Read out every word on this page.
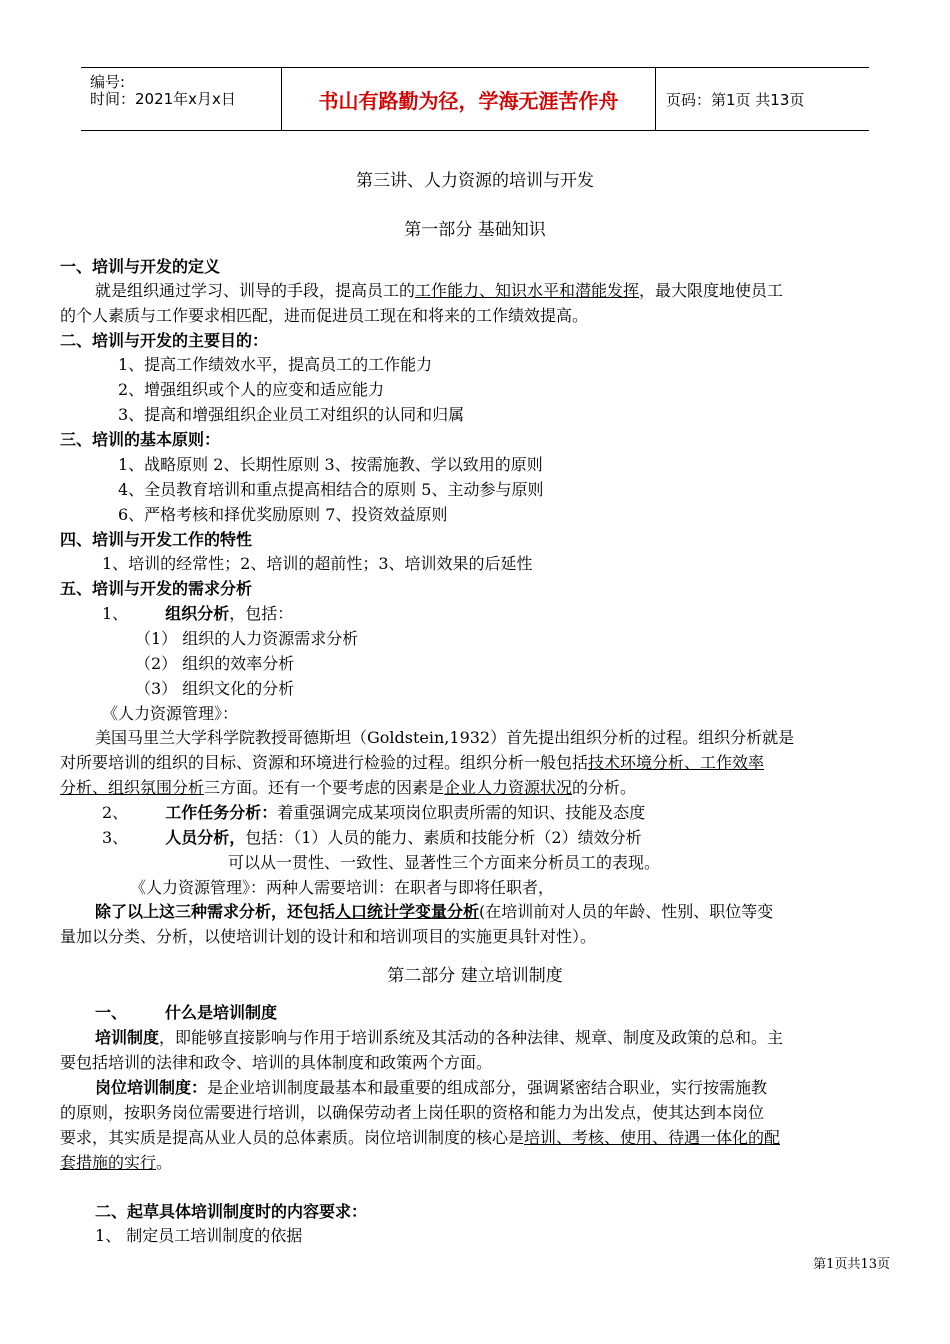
编号:
时间：2021年x月x日	书山有路勤为径，学海无涯苦作舟	页码：第1页 共13页
第三讲、人力资源的培训与开发
第一部分 基础知识
一、培训与开发的定义
就是组织通过学习、训导的手段，提高员工的工作能力、知识水平和潜能发挥，最大限度地使员工
的个人素质与工作要求相匹配，进而促进员工现在和将来的工作绩效提高。
二、培训与开发的主要目的：
1、提高工作绩效水平，提高员工的工作能力
2、增强组织或个人的应变和适应能力
3、提高和增强组织企业员工对组织的认同和归属
三、培训的基本原则：
1、战略原则 2、长期性原则 3、按需施教、学以致用的原则
4、全员教育培训和重点提高相结合的原则 5、主动参与原则
6、严格考核和择优奖励原则 7、投资效益原则
四、培训与开发工作的特性
1、培训的经常性；2、培训的超前性；3、培训效果的后延性
五、培训与开发的需求分析
1、 组织分析，包括：
（1） 组织的人力资源需求分析
（2） 组织的效率分析
（3） 组织文化的分析
《人力资源管理》：
美国马里兰大学科学院教授哥德斯坦（Goldstein,1932）首先提出组织分析的过程。组织分析就是
对所要培训的组织的目标、资源和环境进行检验的过程。组织分析一般包括技术环境分析、工作效率
分析、组织氛围分析三方面。还有一个要考虑的因素是企业人力资源状况的分析。
2、 工作任务分析：着重强调完成某项岗位职责所需的知识、技能及态度
3、 人员分析，包括：（1）人员的能力、素质和技能分析（2）绩效分析
可以从一贯性、一致性、显著性三个方面来分析员工的表现。
《人力资源管理》：两种人需要培训：在职者与即将任职者，
除了以上这三种需求分析，还包括人口统计学变量分析(在培训前对人员的年龄、性别、职位等变
量加以分类、分析，以使培训计划的设计和和培训项目的实施更具针对性）。
第二部分 建立培训制度
一、 什么是培训制度
培训制度，即能够直接影响与作用于培训系统及其活动的各种法律、规章、制度及政策的总和。主
要包括培训的法律和政令、培训的具体制度和政策两个方面。
岗位培训制度：是企业培训制度最基本和最重要的组成部分，强调紧密结合职业，实行按需施教
的原则，按职务岗位需要进行培训，以确保劳动者上岗任职的资格和能力为出发点，使其达到本岗位
要求，其实质是提高从业人员的总体素质。岗位培训制度的核心是培训、考核、使用、待遇一体化的配
套措施的实行。
二、起草具体培训制度时的内容要求：
1、 制定员工培训制度的依据
第1页共13页
